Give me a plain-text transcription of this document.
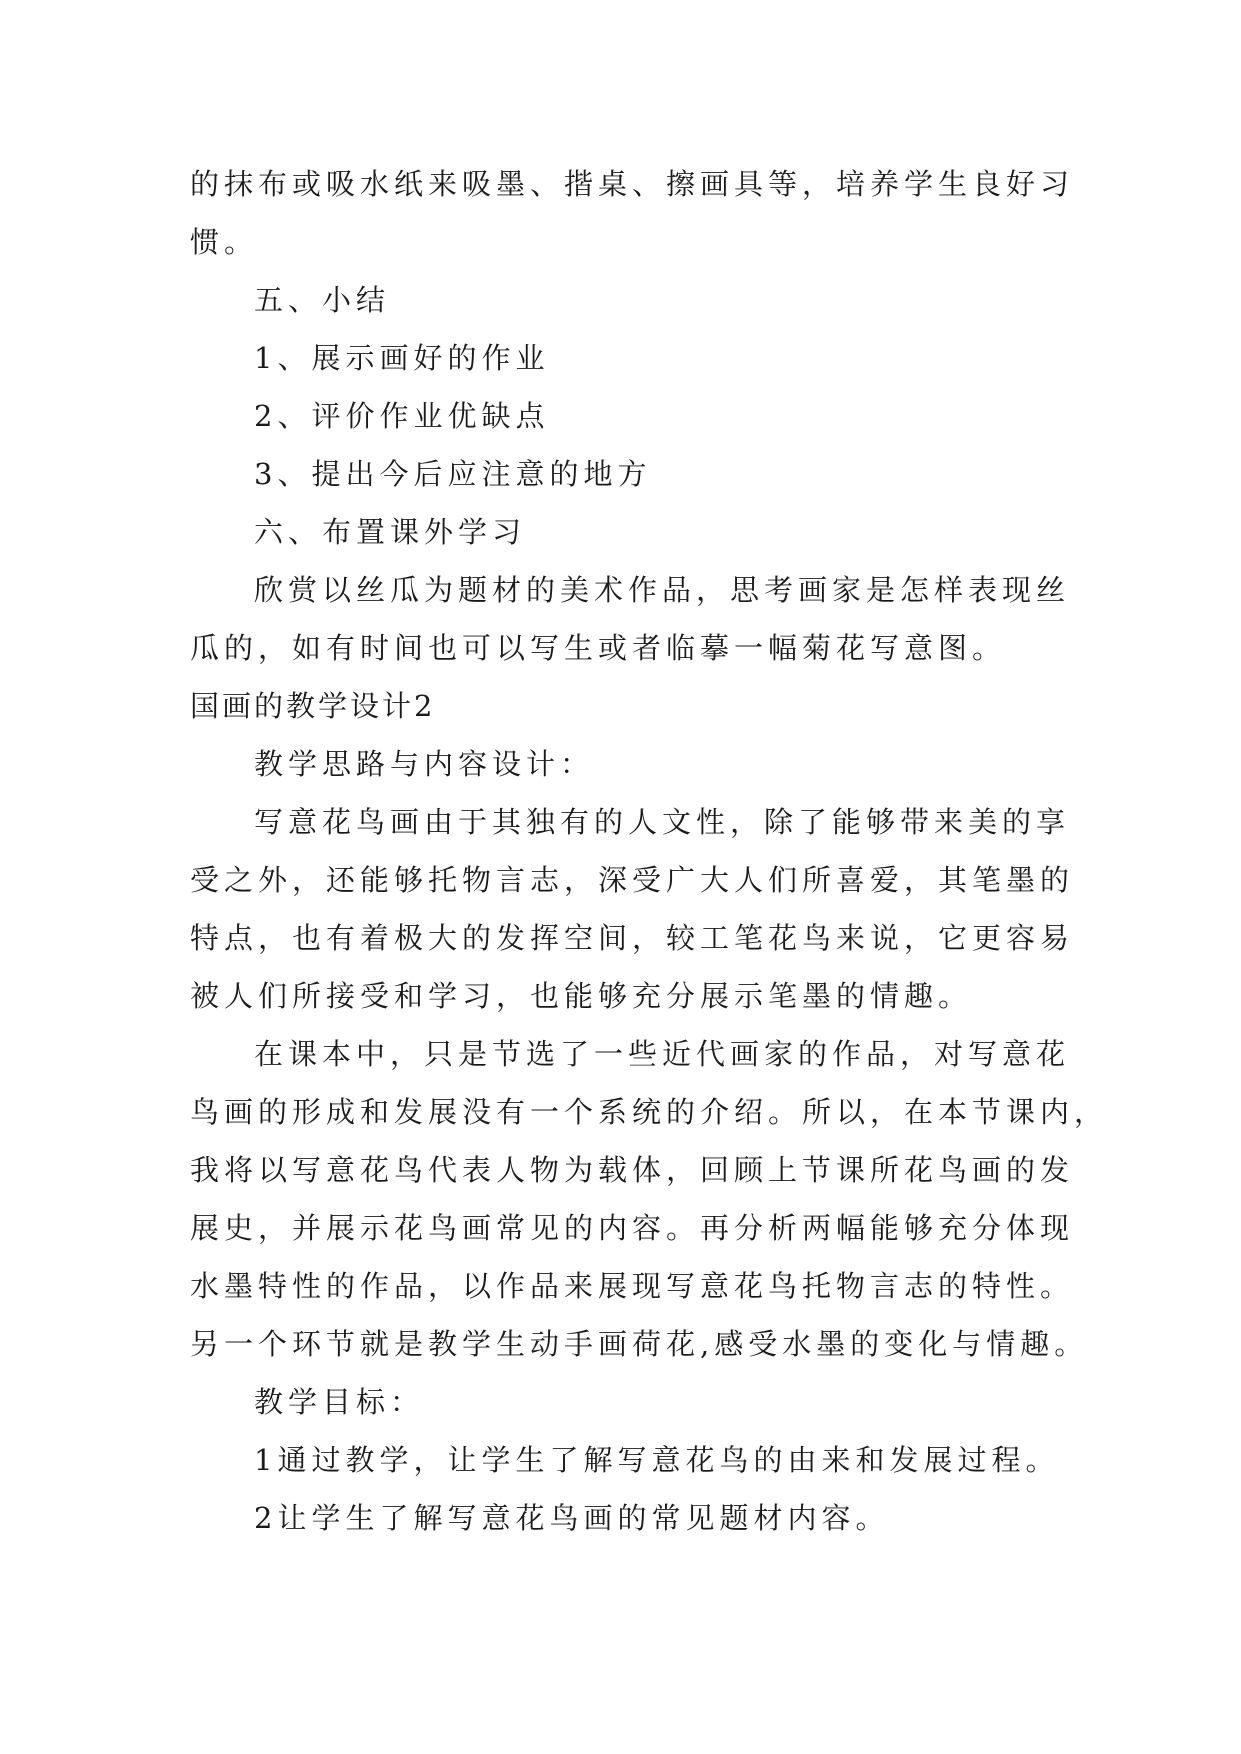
的抹布或吸水纸来吸墨、揩桌、擦画具等，培养学生良好习
惯。
五、小结
1、展示画好的作业
2、评价作业优缺点
3、提出今后应注意的地方
六、布置课外学习
欣赏以丝瓜为题材的美术作品，思考画家是怎样表现丝
瓜的，如有时间也可以写生或者临摹一幅菊花写意图。
国画的教学设计2
教学思路与内容设计：
写意花鸟画由于其独有的人文性，除了能够带来美的享
受之外，还能够托物言志，深受广大人们所喜爱，其笔墨的
特点，也有着极大的发挥空间，较工笔花鸟来说，它更容易
被人们所接受和学习，也能够充分展示笔墨的情趣。
在课本中，只是节选了一些近代画家的作品，对写意花
鸟画的形成和发展没有一个系统的介绍。所以，在本节课内，
我将以写意花鸟代表人物为载体，回顾上节课所花鸟画的发
展史，并展示花鸟画常见的内容。再分析两幅能够充分体现
水墨特性的作品，以作品来展现写意花鸟托物言志的特性。
另一个环节就是教学生动手画荷花,感受水墨的变化与情趣。
教学目标：
1通过教学，让学生了解写意花鸟的由来和发展过程。
2让学生了解写意花鸟画的常见题材内容。
